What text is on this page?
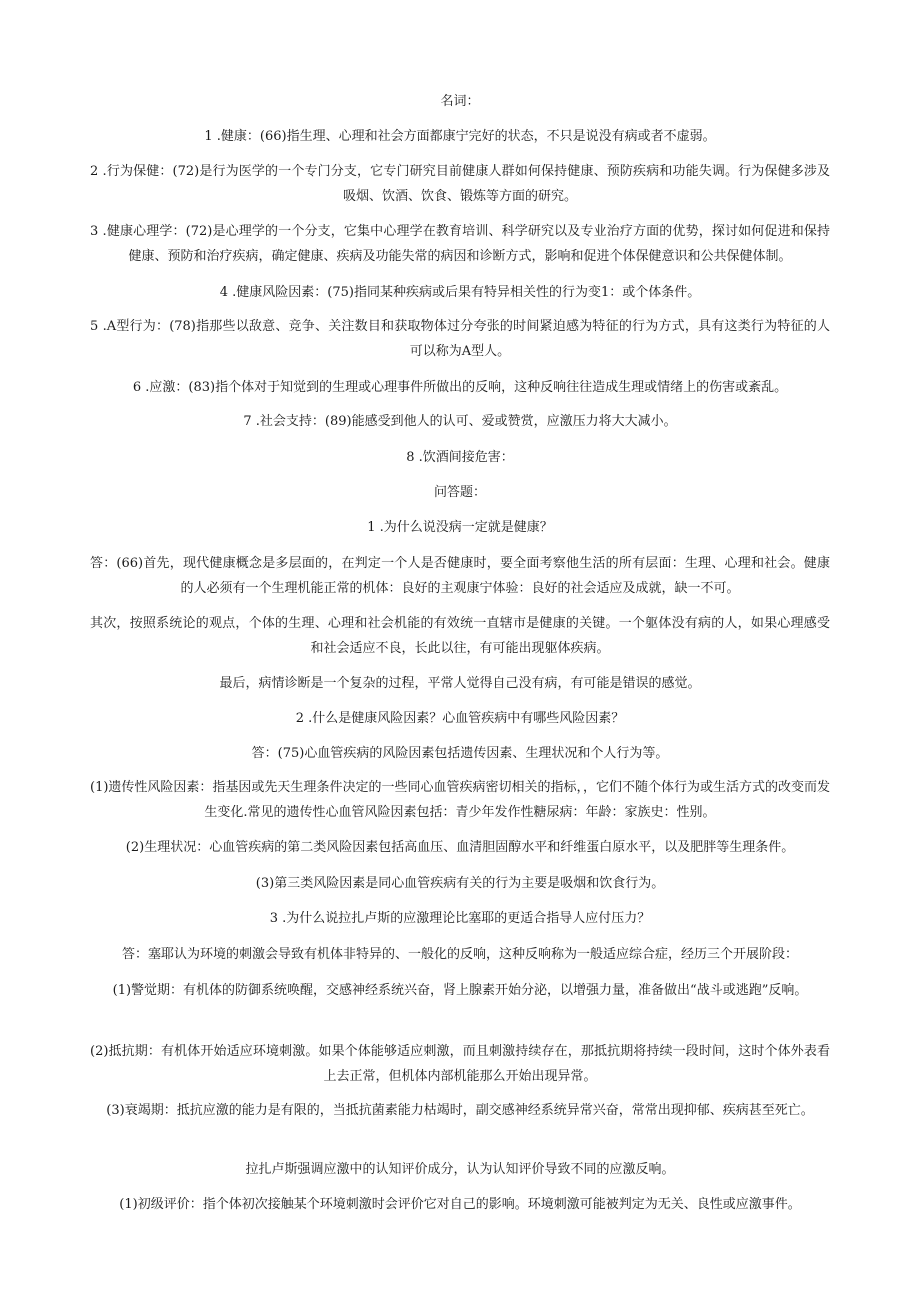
名词：
1 .健康：(66)指生理、心理和社会方面都康宁完好的状态，不只是说没有病或者不虚弱。
2 .行为保健：(72)是行为医学的一个专门分支，它专门研究目前健康人群如何保持健康、预防疾病和功能失调。行为保健多涉及吸烟、饮酒、饮食、锻炼等方面的研究。
3 .健康心理学：(72)是心理学的一个分支，它集中心理学在教育培训、科学研究以及专业治疗方面的优势，探讨如何促进和保持健康、预防和治疗疾病，确定健康、疾病及功能失常的病因和诊断方式，影响和促进个体保健意识和公共保健体制。
4 .健康风险因素：(75)指同某种疾病或后果有特异相关性的行为变1：或个体条件。
5 .A型行为：(78)指那些以敌意、竞争、关注数目和获取物体过分夸张的时间紧迫感为特征的行为方式，具有这类行为特征的人可以称为A型人。
6 .应激：(83)指个体对于知觉到的生理或心理事件所做出的反响，这种反响往往造成生理或情绪上的伤害或紊乱。
7 .社会支持：(89)能感受到他人的认可、爱或赞赏，应激压力将大大减小。
8 .饮酒间接危害：
问答题：
1 .为什么说没病一定就是健康？
答：(66)首先，现代健康概念是多层面的，在判定一个人是否健康时，要全面考察他生活的所有层面：生理、心理和社会。健康的人必须有一个生理机能正常的机体：良好的主观康宁体验：良好的社会适应及成就，缺一不可。
其次，按照系统论的观点，个体的生理、心理和社会机能的有效统一直辖市是健康的关键。一个躯体没有病的人，如果心理感受和社会适应不良，长此以往，有可能出现躯体疾病。
最后，病情诊断是一个复杂的过程，平常人觉得自己没有病，有可能是错误的感觉。
2 .什么是健康风险因素？心血管疾病中有哪些风险因素？
答：(75)心血管疾病的风险因素包括遗传因素、生理状况和个人行为等。
(1)遗传性风险因素：指基因或先天生理条件决定的一些同心血管疾病密切相关的指标，，它们不随个体行为或生活方式的改变而发生变化.常见的遗传性心血管风险因素包括：青少年发作性糖尿病：年龄：家族史：性别。
(2)生理状况：心血管疾病的第二类风险因素包括高血压、血清胆固醇水平和纤维蛋白原水平，以及肥胖等生理条件。
(3)第三类风险因素是同心血管疾病有关的行为主要是吸烟和饮食行为。
3 .为什么说拉扎卢斯的应激理论比塞耶的更适合指导人应付压力？
答：塞耶认为环境的刺激会导致有机体非特异的、一般化的反响，这种反响称为一般适应综合症，经历三个开展阶段：
(1)警觉期：有机体的防御系统唤醒，交感神经系统兴奋，肾上腺素开始分泌，以增强力量，准备做出“战斗或逃跑”反响。
(2)抵抗期：有机体开始适应环境刺激。如果个体能够适应刺激，而且刺激持续存在，那抵抗期将持续一段时间，这时个体外表看上去正常，但机体内部机能那么开始出现异常。
(3)衰竭期：抵抗应激的能力是有限的，当抵抗菌素能力枯竭时，副交感神经系统异常兴奋，常常出现抑郁、疾病甚至死亡。
拉扎卢斯强调应激中的认知评价成分，认为认知评价导致不同的应激反响。
(1)初级评价：指个体初次接触某个环境刺激时会评价它对自己的影响。环境刺激可能被判定为无关、良性或应激事件。
